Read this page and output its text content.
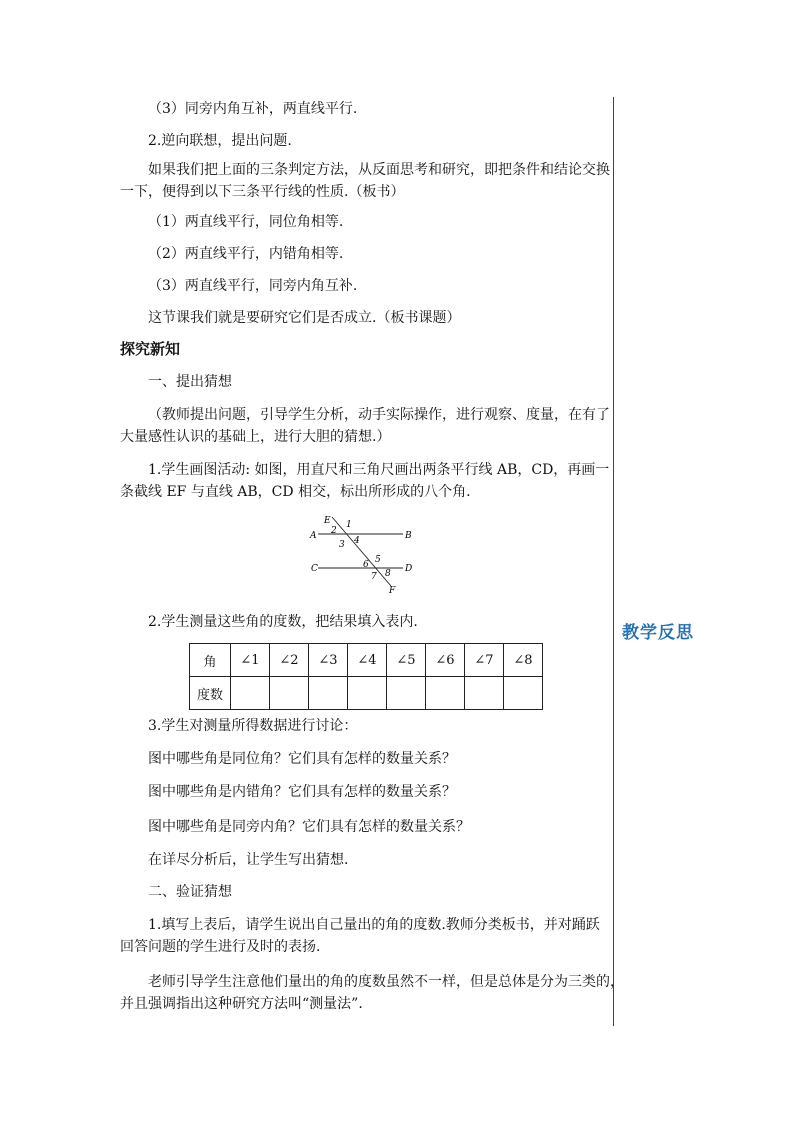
教学反思
（3）同旁内角互补，两直线平行.
2.逆向联想，提出问题.
如果我们把上面的三条判定方法，从反面思考和研究，即把条件和结论交换
一下，便得到以下三条平行线的性质.（板书）
（1）两直线平行，同位角相等.
（2）两直线平行，内错角相等.
（3）两直线平行，同旁内角互补.
这节课我们就是要研究它们是否成立.（板书课题）
探究新知
一、提出猜想
（教师提出问题，引导学生分析，动手实际操作，进行观察、度量，在有了
大量感性认识的基础上，进行大胆的猜想.）
1.学生画图活动: 如图，用直尺和三角尺画出两条平行线 AB，CD，再画一
条截线 EF 与直线 AB，CD 相交，标出所形成的八个角.
E
A	B
C	D
F
1
2
3 4
5
6
7 8
2.学生测量这些角的度数，把结果填入表内.
角	∠1	∠2	∠3	∠4	∠5	∠6	∠7	∠8
度数								
3.学生对测量所得数据进行讨论：
图中哪些角是同位角？它们具有怎样的数量关系？
图中哪些角是内错角？它们具有怎样的数量关系？
图中哪些角是同旁内角？它们具有怎样的数量关系？
在详尽分析后，让学生写出猜想.
二、验证猜想
1.填写上表后，请学生说出自己量出的角的度数.教师分类板书，并对踊跃
回答问题的学生进行及时的表扬.
老师引导学生注意他们量出的角的度数虽然不一样，但是总体是分为三类的，
并且强调指出这种研究方法叫“测量法”.
